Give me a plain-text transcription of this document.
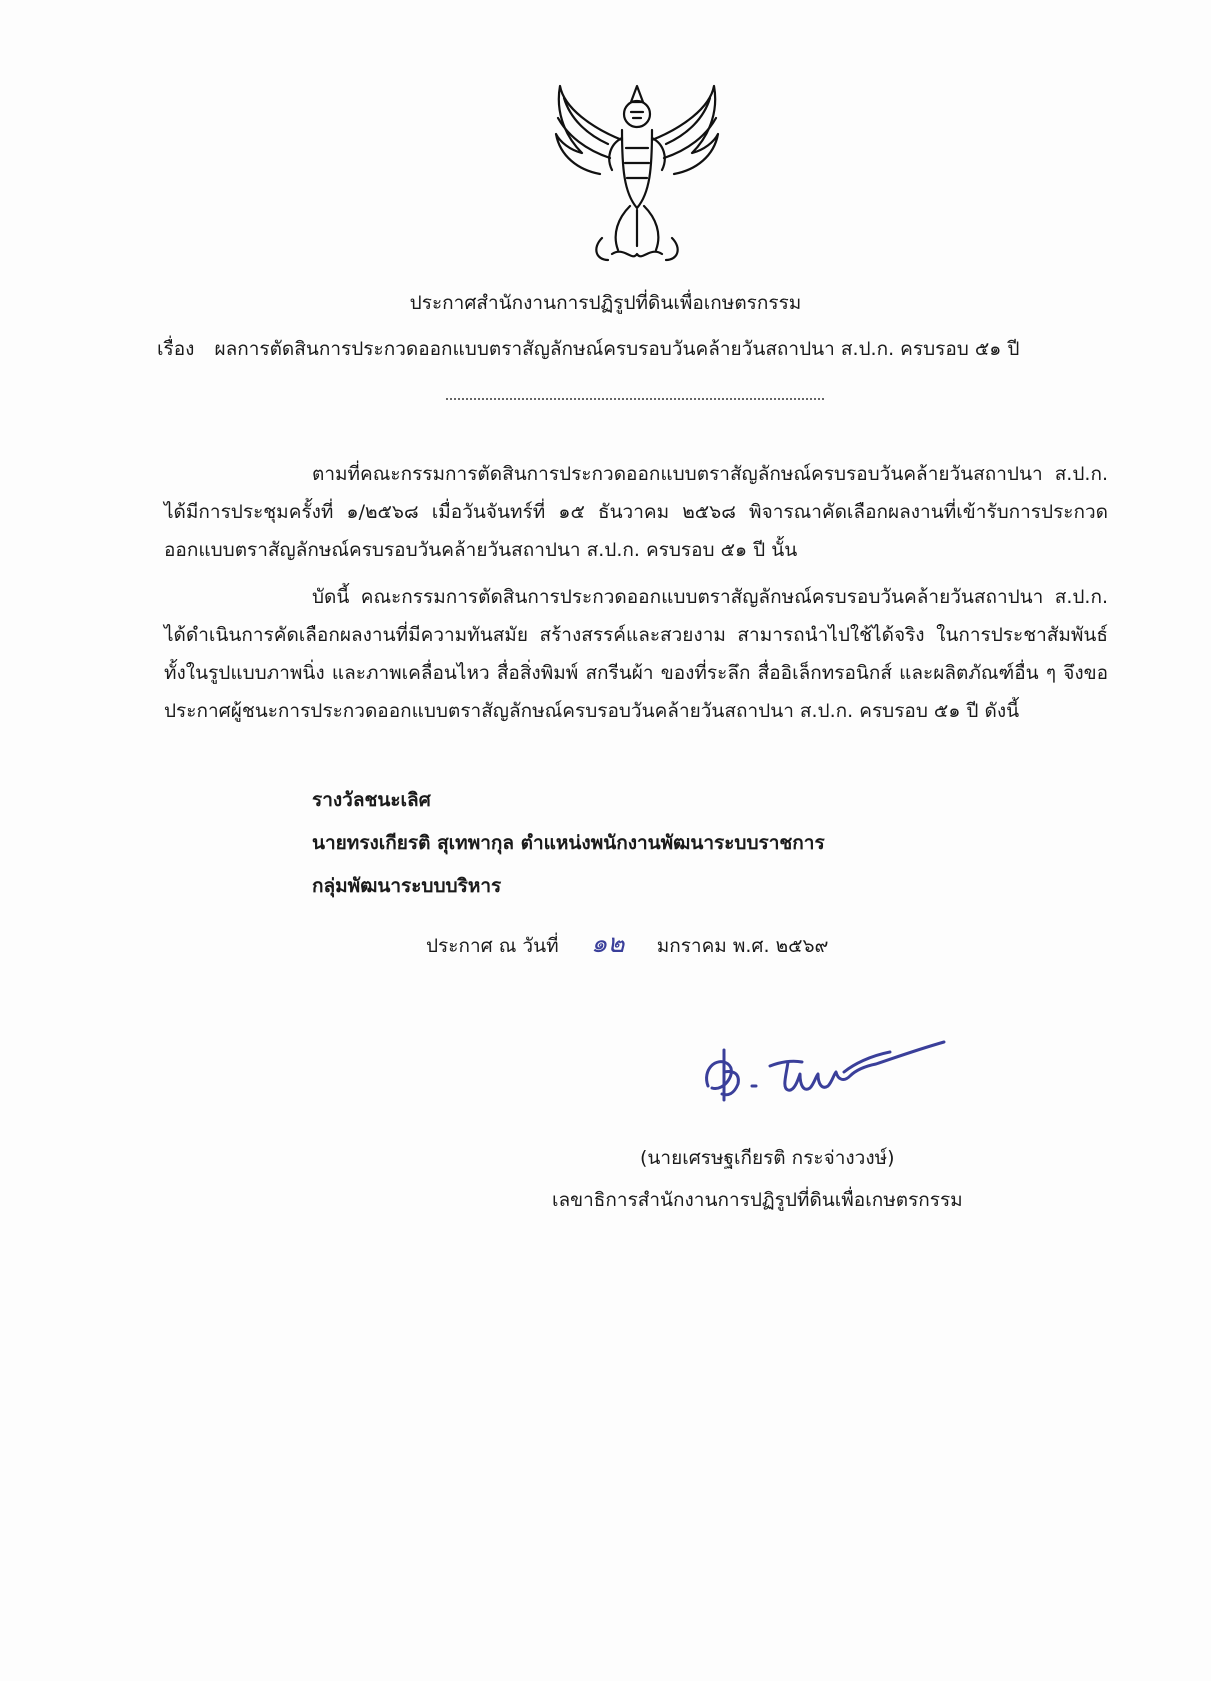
ประกาศสำนักงานการปฏิรูปที่ดินเพื่อเกษตรกรรม
เรื่อง ผลการตัดสินการประกวดออกแบบตราสัญลักษณ์ครบรอบวันคล้ายวันสถาปนา ส.ป.ก. ครบรอบ ๕๑ ปี
ตามที่คณะกรรมการตัดสินการประกวดออกแบบตราสัญลักษณ์ครบรอบวันคล้ายวันสถาปนา ส.ป.ก. ได้มีการประชุมครั้งที่ ๑/๒๕๖๘ เมื่อวันจันทร์ที่ ๑๕ ธันวาคม ๒๕๖๘ พิจารณาคัดเลือกผลงานที่เข้ารับการประกวดออกแบบตราสัญลักษณ์ครบรอบวันคล้ายวันสถาปนา ส.ป.ก. ครบรอบ ๕๑ ปี นั้น
บัดนี้ คณะกรรมการตัดสินการประกวดออกแบบตราสัญลักษณ์ครบรอบวันคล้ายวันสถาปนา ส.ป.ก. ได้ดำเนินการคัดเลือกผลงานที่มีความทันสมัย สร้างสรรค์และสวยงาม สามารถนำไปใช้ได้จริง ในการประชาสัมพันธ์ทั้งในรูปแบบภาพนิ่ง และภาพเคลื่อนไหว สื่อสิ่งพิมพ์ สกรีนผ้า ของที่ระลึก สื่ออิเล็กทรอนิกส์ และผลิตภัณฑ์อื่น ๆ จึงขอประกาศผู้ชนะการประกวดออกแบบตราสัญลักษณ์ครบรอบวันคล้ายวันสถาปนา ส.ป.ก. ครบรอบ ๕๑ ปี ดังนี้
รางวัลชนะเลิศ
นายทรงเกียรติ สุเทพากุล ตำแหน่งพนักงานพัฒนาระบบราชการ
กลุ่มพัฒนาระบบบริหาร
ประกาศ ณ วันที่ ๑๒ มกราคม พ.ศ. ๒๕๖๙
(นายเศรษฐเกียรติ กระจ่างวงษ์)
เลขาธิการสำนักงานการปฏิรูปที่ดินเพื่อเกษตรกรรม
